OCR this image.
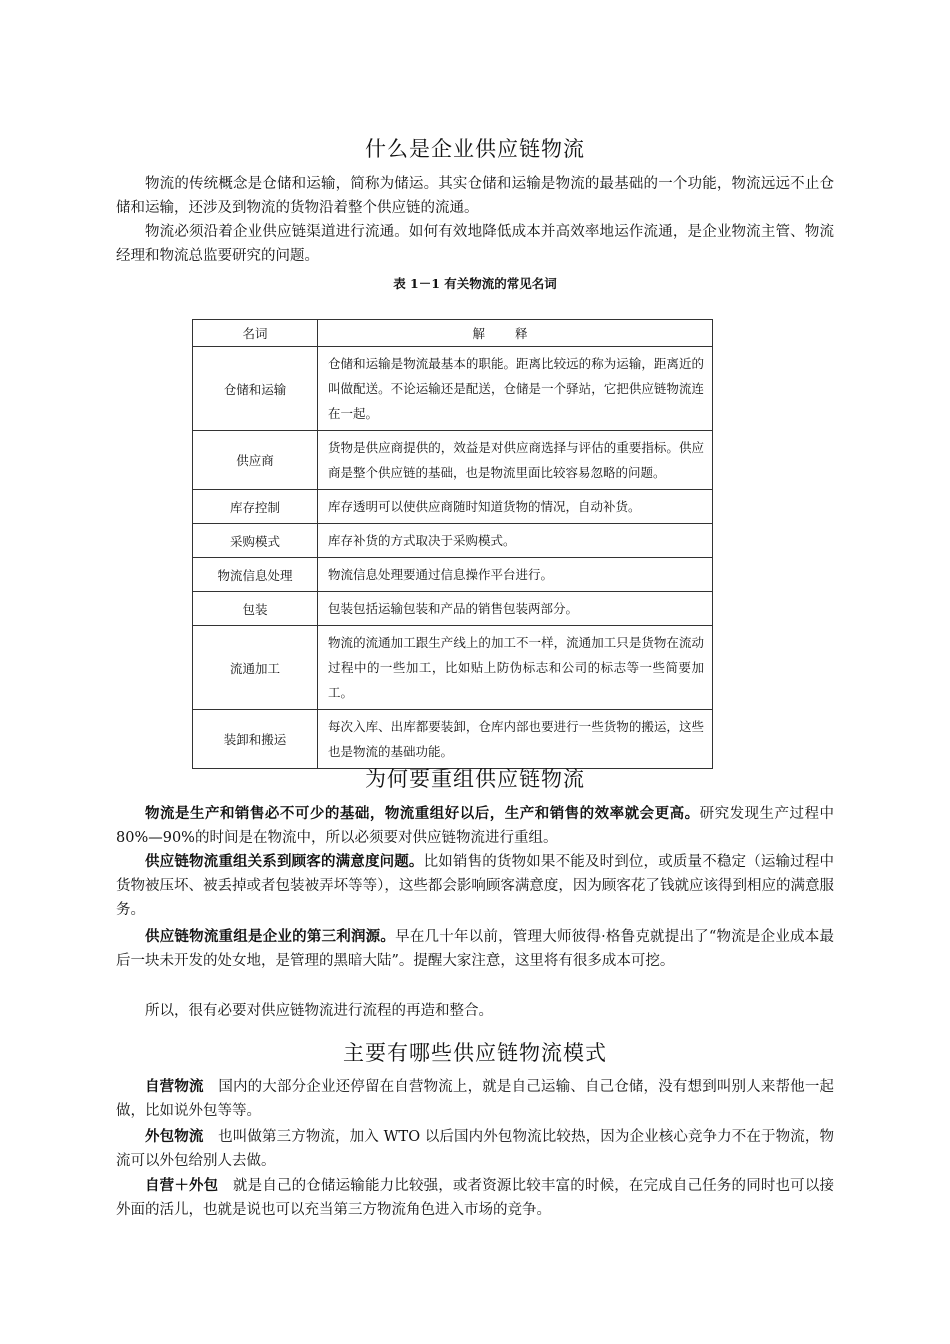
什么是企业供应链物流

物流的传统概念是仓储和运输，简称为储运。其实仓储和运输是物流的最基础的一个功能，物流远远不止仓储和运输，还涉及到物流的货物沿着整个供应链的流通。

物流必须沿着企业供应链渠道进行流通。如何有效地降低成本并高效率地运作流通，是企业物流主管、物流经理和物流总监要研究的问题。

表 1－1 有关物流的常见名词

名词	解释
仓储和运输	仓储和运输是物流最基本的职能。距离比较远的称为运输，距离近的叫做配送。不论运输还是配送，仓储是一个驿站，它把供应链物流连在一起。
供应商	货物是供应商提供的，效益是对供应商选择与评估的重要指标。供应商是整个供应链的基础，也是物流里面比较容易忽略的问题。
库存控制	库存透明可以使供应商随时知道货物的情况，自动补货。
采购模式	库存补货的方式取决于采购模式。
物流信息处理	物流信息处理要通过信息操作平台进行。
包装	包装包括运输包装和产品的销售包装两部分。
流通加工	物流的流通加工跟生产线上的加工不一样，流通加工只是货物在流动过程中的一些加工，比如贴上防伪标志和公司的标志等一些简要加工。
装卸和搬运	每次入库、出库都要装卸，仓库内部也要进行一些货物的搬运，这些也是物流的基础功能。
为何要重组供应链物流

物流是生产和销售必不可少的基础，物流重组好以后，生产和销售的效率就会更高。研究发现生产过程中 80%—90%的时间是在物流中，所以必须要对供应链物流进行重组。

供应链物流重组关系到顾客的满意度问题。比如销售的货物如果不能及时到位，或质量不稳定（运输过程中货物被压坏、被丢掉或者包装被弄坏等等），这些都会影响顾客满意度，因为顾客花了钱就应该得到相应的满意服务。

供应链物流重组是企业的第三利润源。早在几十年以前，管理大师彼得·格鲁克就提出了“物流是企业成本最后一块未开发的处女地，是管理的黑暗大陆”。提醒大家注意，这里将有很多成本可挖。

所以，很有必要对供应链物流进行流程的再造和整合。

主要有哪些供应链物流模式

自营物流　国内的大部分企业还停留在自营物流上，就是自己运输、自己仓储，没有想到叫别人来帮他一起做，比如说外包等等。

外包物流　也叫做第三方物流，加入 WTO 以后国内外包物流比较热，因为企业核心竞争力不在于物流，物流可以外包给别人去做。

自营＋外包　就是自己的仓储运输能力比较强，或者资源比较丰富的时候，在完成自己任务的同时也可以接外面的活儿，也就是说也可以充当第三方物流角色进入市场的竞争。
